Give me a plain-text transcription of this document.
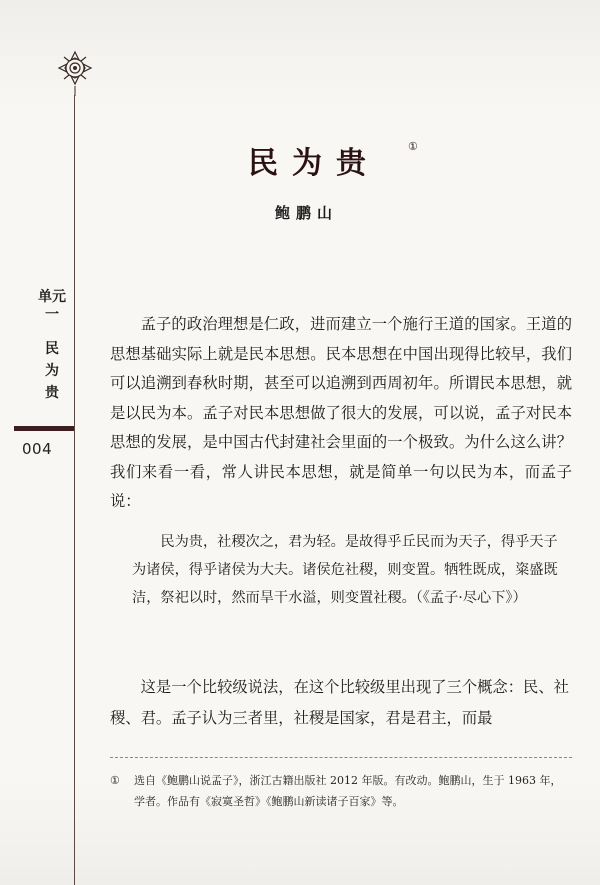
单元一
民
为
贵
004
民为贵	①
鲍鹏山

孟子的政治理想是仁政，进而建立一个施行王道的国家。王道的思想基础实际上就是民本思想。民本思想在中国出现得比较早，我们可以追溯到春秋时期，甚至可以追溯到西周初年。所谓民本思想，就是以民为本。孟子对民本思想做了很大的发展，可以说，孟子对民本思想的发展，是中国古代封建社会里面的一个极致。为什么这么讲？我们来看一看，常人讲民本思想，就是简单一句以民为本，而孟子说：

民为贵，社稷次之，君为轻。是故得乎丘民而为天子，得乎天子为诸侯，得乎诸侯为大夫。诸侯危社稷，则变置。牺牲既成，粢盛既洁，祭祀以时，然而旱干水溢，则变置社稷。（《孟子·尽心下》）

这是一个比较级说法，在这个比较级里出现了三个概念：民、社稷、君。孟子认为三者里，社稷是国家，君是君主，而最

① 选自《鲍鹏山说孟子》，浙江古籍出版社 2012 年版。有改动。鲍鹏山，生于 1963 年，
学者。作品有《寂寞圣哲》《鲍鹏山新读诸子百家》等。
